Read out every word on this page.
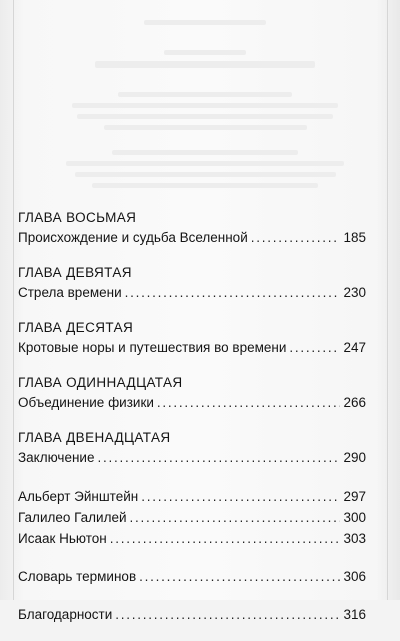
ГЛАВА ВОСЬМАЯ
Происхождение и судьба Вселенной . . .	185
ГЛАВА ДЕВЯТАЯ
Стрела времени . . .	230
ГЛАВА ДЕСЯТАЯ
Кротовые норы и путешествия во времени . . .	247
ГЛАВА ОДИННАДЦАТАЯ
Объединение физики . . .	266
ГЛАВА ДВЕНАДЦАТАЯ
Заключение . . .	290
Альберт Эйнштейн . . .	297
Галилео Галилей . . .	300
Исаак Ньютон . . .	303
Словарь терминов . . .	306
Благодарности . . .	316
